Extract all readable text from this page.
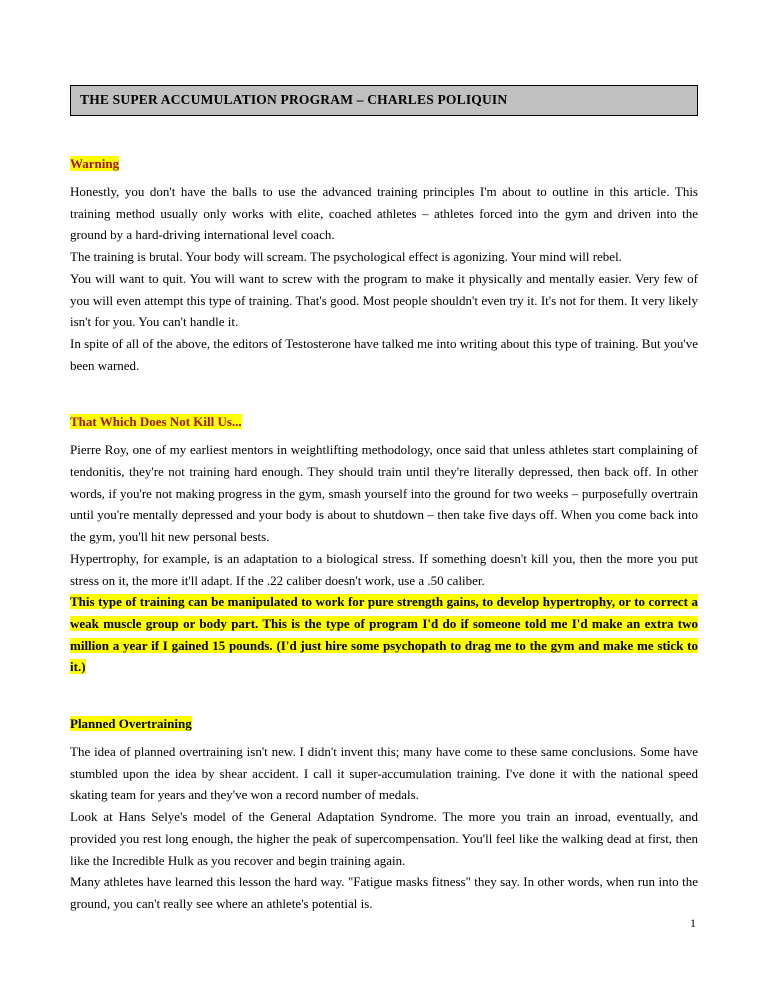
THE SUPER ACCUMULATION PROGRAM – CHARLES POLIQUIN
Warning

Honestly, you don't have the balls to use the advanced training principles I'm about to outline in this article. This training method usually only works with elite, coached athletes – athletes forced into the gym and driven into the ground by a hard-driving international level coach.

The training is brutal. Your body will scream. The psychological effect is agonizing. Your mind will rebel.

You will want to quit. You will want to screw with the program to make it physically and mentally easier. Very few of you will even attempt this type of training. That's good. Most people shouldn't even try it. It's not for them. It very likely isn't for you. You can't handle it.

In spite of all of the above, the editors of Testosterone have talked me into writing about this type of training. But you've been warned.

That Which Does Not Kill Us...

Pierre Roy, one of my earliest mentors in weightlifting methodology, once said that unless athletes start complaining of tendonitis, they're not training hard enough. They should train until they're literally depressed, then back off. In other words, if you're not making progress in the gym, smash yourself into the ground for two weeks – purposefully overtrain until you're mentally depressed and your body is about to shutdown – then take five days off. When you come back into the gym, you'll hit new personal bests.

Hypertrophy, for example, is an adaptation to a biological stress. If something doesn't kill you, then the more you put stress on it, the more it'll adapt. If the .22 caliber doesn't work, use a .50 caliber.

This type of training can be manipulated to work for pure strength gains, to develop hypertrophy, or to correct a weak muscle group or body part. This is the type of program I'd do if someone told me I'd make an extra two million a year if I gained 15 pounds. (I'd just hire some psychopath to drag me to the gym and make me stick to it.)

Planned Overtraining

The idea of planned overtraining isn't new. I didn't invent this; many have come to these same conclusions. Some have stumbled upon the idea by shear accident. I call it super-accumulation training. I've done it with the national speed skating team for years and they've won a record number of medals.

Look at Hans Selye's model of the General Adaptation Syndrome. The more you train an inroad, eventually, and provided you rest long enough, the higher the peak of supercompensation. You'll feel like the walking dead at first, then like the Incredible Hulk as you recover and begin training again.

Many athletes have learned this lesson the hard way. "Fatigue masks fitness" they say. In other words, when run into the ground, you can't really see where an athlete's potential is.

1
